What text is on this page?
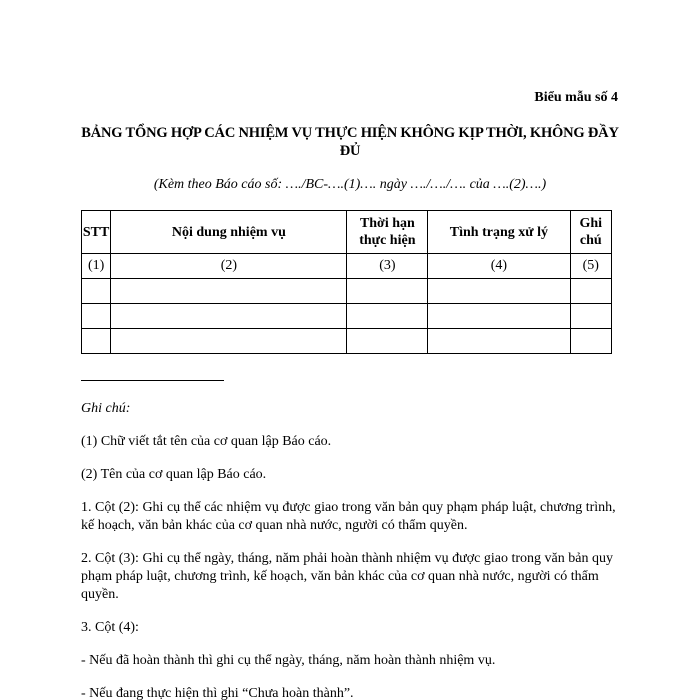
Biểu mẫu số 4
BẢNG TỔNG HỢP CÁC NHIỆM VỤ THỰC HIỆN KHÔNG KỊP THỜI, KHÔNG ĐẦY ĐỦ
(Kèm theo Báo cáo số: …./BC-….(1)…. ngày …./…./…. của ….(2)….)
STT	Nội dung nhiệm vụ	Thời hạn thực hiện	Tình trạng xử lý	Ghi chú
(1)	(2)	(3)	(4)	(5)

Ghi chú:

(1) Chữ viết tắt tên của cơ quan lập Báo cáo.

(2) Tên của cơ quan lập Báo cáo.

1. Cột (2): Ghi cụ thể các nhiệm vụ được giao trong văn bản quy phạm pháp luật, chương trình, kế hoạch, văn bản khác của cơ quan nhà nước, người có thẩm quyền.

2. Cột (3): Ghi cụ thể ngày, tháng, năm phải hoàn thành nhiệm vụ được giao trong văn bản quy phạm pháp luật, chương trình, kế hoạch, văn bản khác của cơ quan nhà nước, người có thẩm quyền.

3. Cột (4):

- Nếu đã hoàn thành thì ghi cụ thể ngày, tháng, năm hoàn thành nhiệm vụ.

- Nếu đang thực hiện thì ghi “Chưa hoàn thành”.
